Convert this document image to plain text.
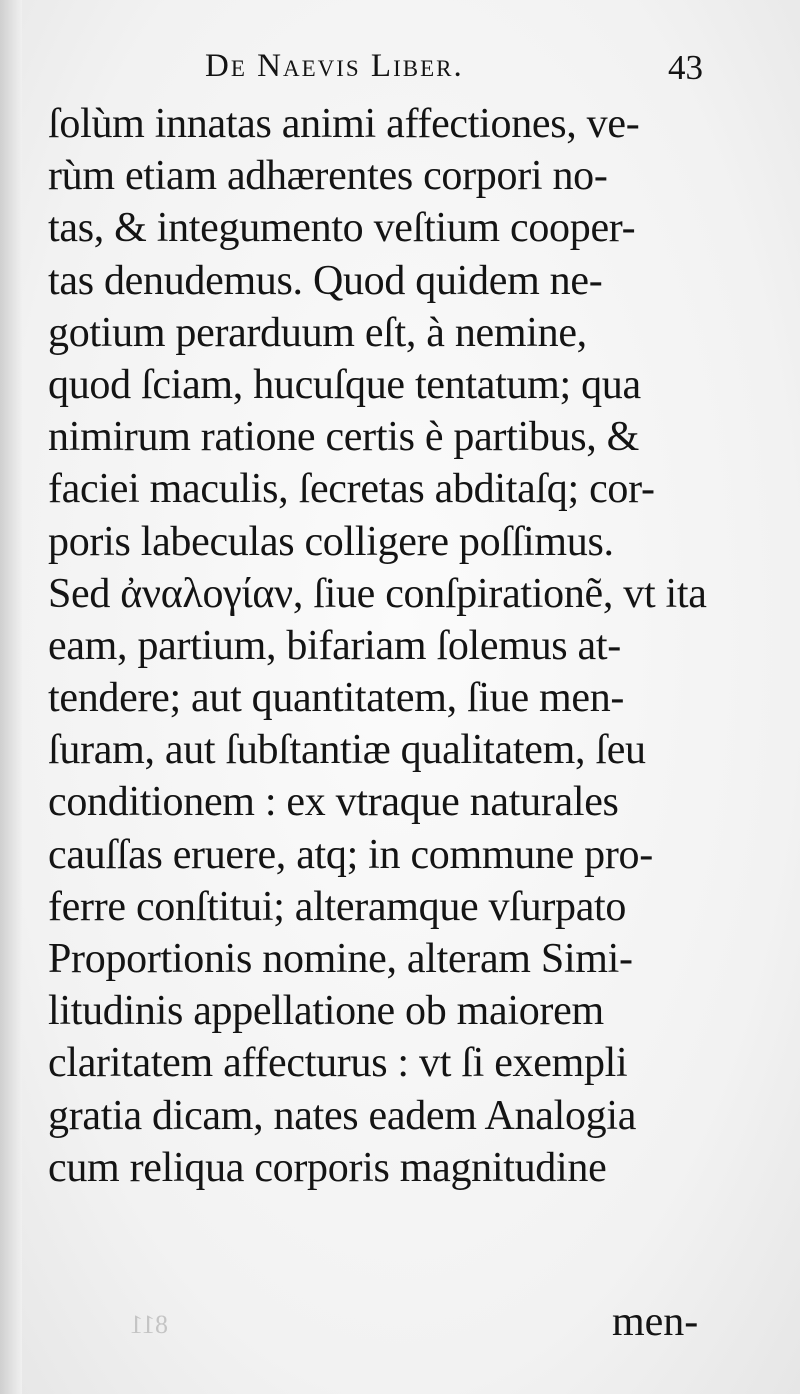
De Naevis Liber.	43
ſolùm innatas animi affectiones, ve-
rùm etiam adhærentes corpori no-
tas, & integumento veſtium cooper-
tas denudemus. Quod quidem ne-
gotium perarduum eſt, à nemine,
quod ſciam, hucuſque tentatum; qua
nimirum ratione certis è partibus, &
faciei maculis, ſecretas abditaſq; cor-
poris labeculas colligere poſſimus.
Sed ἀναλογίαν, ſiue conſpirationẽ, vt ita
eam, partium, bifariam ſolemus at-
tendere; aut quantitatem, ſiue men-
ſuram, aut ſubſtantiæ qualitatem, ſeu
conditionem : ex vtraque naturales
cauſſas eruere, atq; in commune pro-
ferre conſtitui; alteramque vſurpato
Proportionis nomine, alteram Simi-
litudinis appellatione ob maiorem
claritatem affecturus : vt ſi exempli
gratia dicam, nates eadem Analogia
cum reliqua corporis magnitudine
811	men-
